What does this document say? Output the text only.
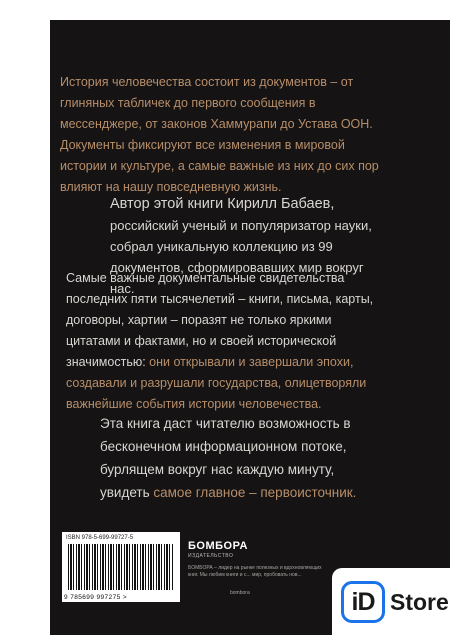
История человечества состоит из документов – от глиняных табличек до первого сообщения в мессенджере, от законов Хаммурапи до Устава ООН. Документы фиксируют все изменения в мировой истории и культуре, а самые важные из них до сих пор влияют на нашу повседневную жизнь.

Автор этой книги Кирилл Бабаев, российский ученый и популяризатор науки, собрал уникальную коллекцию из 99 документов, сформировавших мир вокруг нас.

Самые важные документальные свидетельства последних пяти тысячелетий – книги, письма, карты, договоры, хартии – поразят не только яркими цитатами и фактами, но и своей исторической значимостью: они открывали и завершали эпохи, создавали и разрушали государства, олицетворяли важнейшие события истории человечества.

Эта книга даст читателю возможность в бесконечном информационном потоке, бурлящем вокруг нас каждую минуту, увидеть самое главное – первоисточник.

ISBN 978-5-699-99727-5
9 785699 997275 >
БОМБОРА
ИЗДАТЕЛЬСТВО
БОМБОРА – лидер на рынке полезных и вдохновляющих книг. Мы любим книги и с... мир, пробовать нов...
bombora	iD Store
